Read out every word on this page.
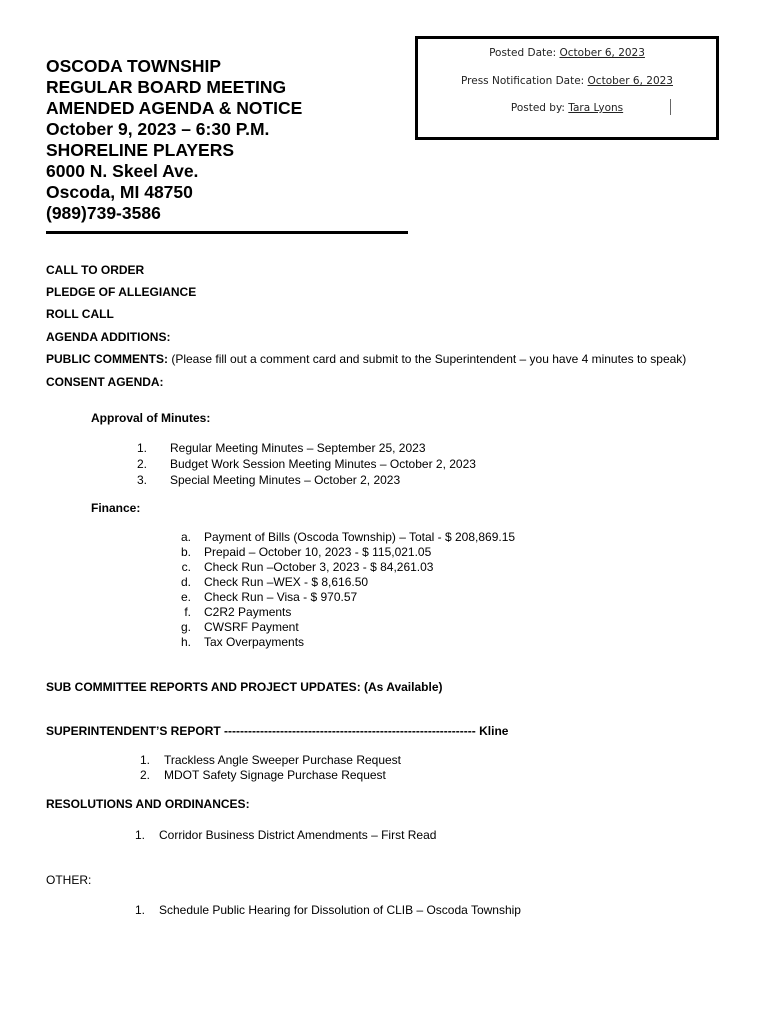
OSCODA TOWNSHIP
REGULAR BOARD MEETING
AMENDED AGENDA & NOTICE
October 9, 2023 – 6:30 P.M.
SHORELINE PLAYERS
6000 N. Skeel Ave.
Oscoda, MI 48750
(989)739-3586
Posted Date: October 6, 2023
Press Notification Date: October 6, 2023
Posted by: Tara Lyons
CALL TO ORDER
PLEDGE OF ALLEGIANCE
ROLL CALL
AGENDA ADDITIONS:
PUBLIC COMMENTS: (Please fill out a comment card and submit to the Superintendent – you have 4 minutes to speak)
CONSENT AGENDA:
Approval of Minutes:
1. Regular Meeting Minutes – September 25, 2023
2. Budget Work Session Meeting Minutes – October 2, 2023
3. Special Meeting Minutes – October 2, 2023
Finance:
a. Payment of Bills (Oscoda Township) – Total - $ 208,869.15
b. Prepaid – October 10, 2023 - $ 115,021.05
c. Check Run –October 3, 2023 - $ 84,261.03
d. Check Run –WEX - $ 8,616.50
e. Check Run – Visa - $ 970.57
f. C2R2 Payments
g. CWSRF Payment
h. Tax Overpayments
SUB COMMITTEE REPORTS AND PROJECT UPDATES: (As Available)
SUPERINTENDENT’S REPORT --------------------------------------------------------------- Kline
1. Trackless Angle Sweeper Purchase Request
2. MDOT Safety Signage Purchase Request
RESOLUTIONS AND ORDINANCES:
1. Corridor Business District Amendments – First Read
OTHER:
1. Schedule Public Hearing for Dissolution of CLIB – Oscoda Township
